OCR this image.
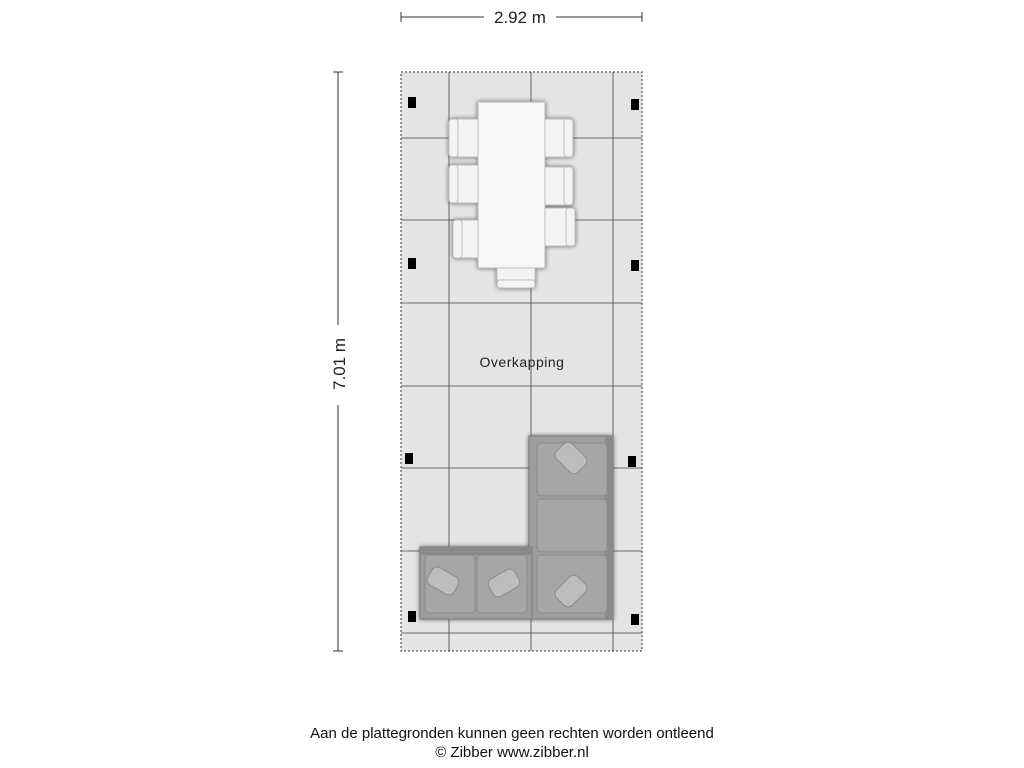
2.92 m
7.01 m	Overkapping
Aan de plattegronden kunnen geen rechten worden ontleend
© Zibber www.zibber.nl
